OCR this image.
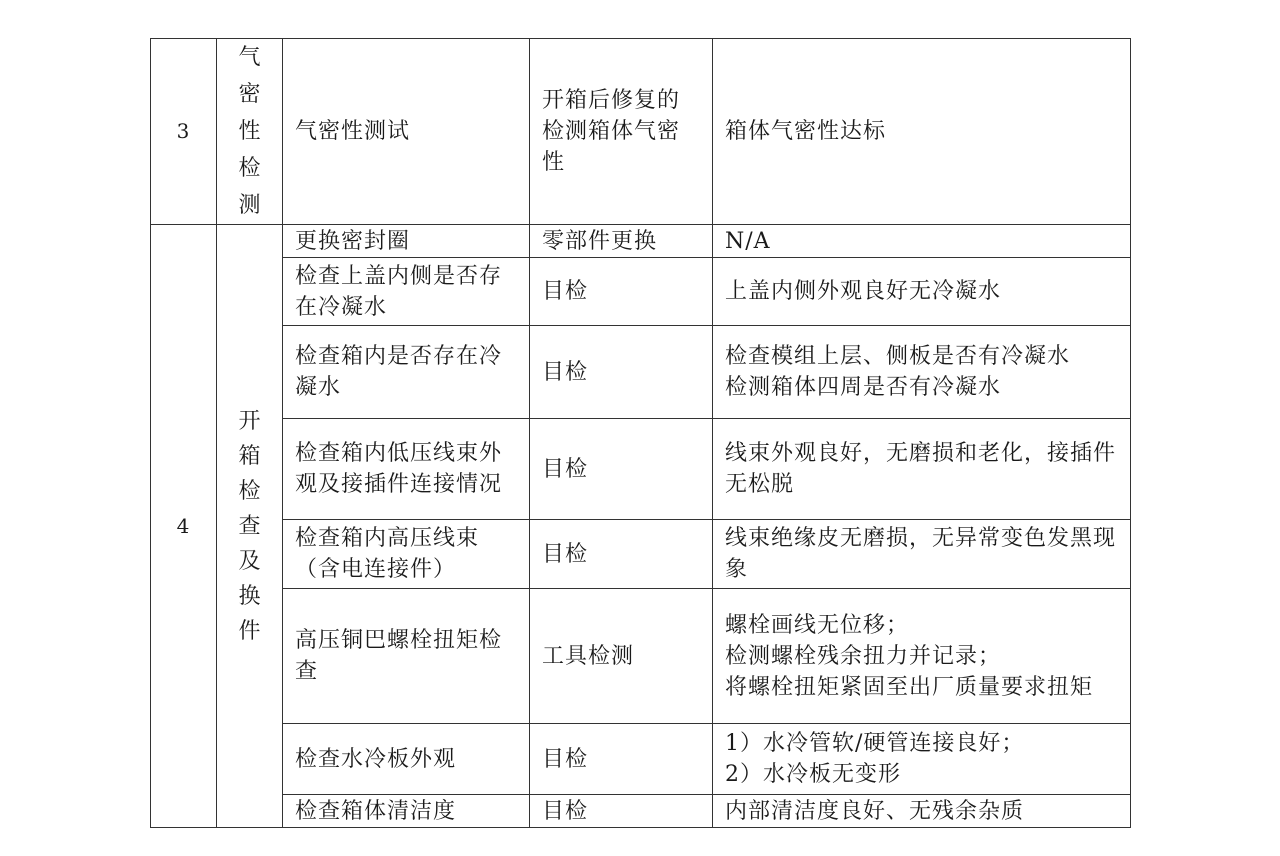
3	气密性检测	气密性测试	开箱后修复的检测箱体气密性	箱体气密性达标
4	开箱检查及换件	更换密封圈	零部件更换	N/A
		检查上盖内侧是否存在冷凝水	目检	上盖内侧外观良好无冷凝水
		检查箱内是否存在冷凝水	目检	检查模组上层、侧板是否有冷凝水
检测箱体四周是否有冷凝水

		检查箱内低压线束外观及接插件连接情况	目检	线束外观良好，无磨损和老化，接插件无松脱
		检查箱内高压线束（含电连接件）	目检	线束绝缘皮无磨损，无异常变色发黑现象
		高压铜巴螺栓扭矩检查	工具检测	螺栓画线无位移；
检测螺栓残余扭力并记录；
将螺栓扭矩紧固至出厂质量要求扭矩

		检查水冷板外观	目检	1）水冷管软/硬管连接良好；
2）水冷板无变形

		检查箱体清洁度	目检	内部清洁度良好、无残余杂质
